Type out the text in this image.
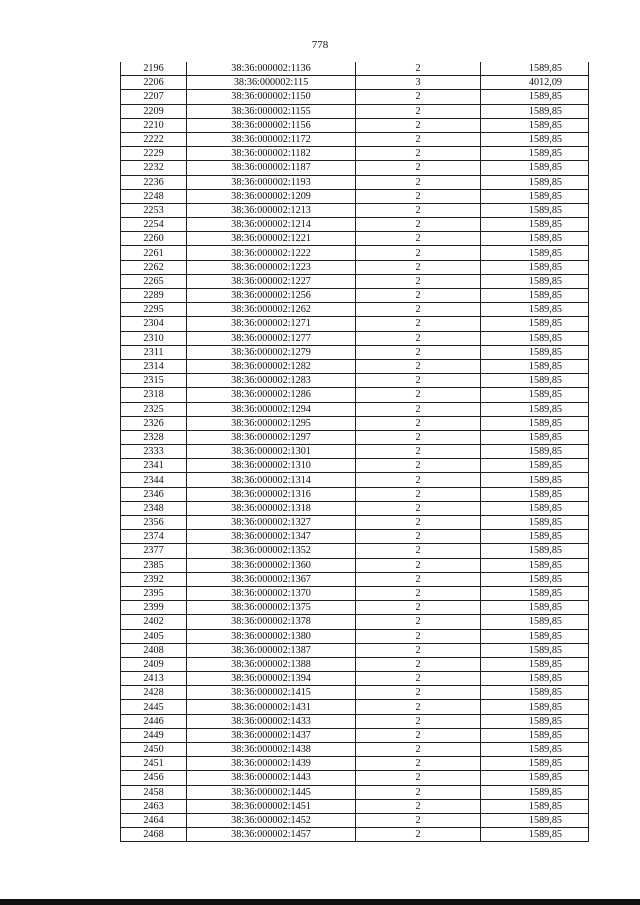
778
2196	38:36:000002:1136	2	1589,85
2206	38:36:000002:115	3	4012,09
2207	38:36:000002:1150	2	1589,85
2209	38:36:000002:1155	2	1589,85
2210	38:36:000002:1156	2	1589,85
2222	38:36:000002:1172	2	1589,85
2229	38:36:000002:1182	2	1589,85
2232	38:36:000002:1187	2	1589,85
2236	38:36:000002:1193	2	1589,85
2248	38:36:000002:1209	2	1589,85
2253	38:36:000002:1213	2	1589,85
2254	38:36:000002:1214	2	1589,85
2260	38:36:000002:1221	2	1589,85
2261	38:36:000002:1222	2	1589,85
2262	38:36:000002:1223	2	1589,85
2265	38:36:000002:1227	2	1589,85
2289	38:36:000002:1256	2	1589,85
2295	38:36:000002:1262	2	1589,85
2304	38:36:000002:1271	2	1589,85
2310	38:36:000002:1277	2	1589,85
2311	38:36:000002:1279	2	1589,85
2314	38:36:000002:1282	2	1589,85
2315	38:36:000002:1283	2	1589,85
2318	38:36:000002:1286	2	1589,85
2325	38:36:000002:1294	2	1589,85
2326	38:36:000002:1295	2	1589,85
2328	38:36:000002:1297	2	1589,85
2333	38:36:000002:1301	2	1589,85
2341	38:36:000002:1310	2	1589,85
2344	38:36:000002:1314	2	1589,85
2346	38:36:000002:1316	2	1589,85
2348	38:36:000002:1318	2	1589,85
2356	38:36:000002:1327	2	1589,85
2374	38:36:000002:1347	2	1589,85
2377	38:36:000002:1352	2	1589,85
2385	38:36:000002:1360	2	1589,85
2392	38:36:000002:1367	2	1589,85
2395	38:36:000002:1370	2	1589,85
2399	38:36:000002:1375	2	1589,85
2402	38:36:000002:1378	2	1589,85
2405	38:36:000002:1380	2	1589,85
2408	38:36:000002:1387	2	1589,85
2409	38:36:000002:1388	2	1589,85
2413	38:36:000002:1394	2	1589,85
2428	38:36:000002:1415	2	1589,85
2445	38:36:000002:1431	2	1589,85
2446	38:36:000002:1433	2	1589,85
2449	38:36:000002:1437	2	1589,85
2450	38:36:000002:1438	2	1589,85
2451	38:36:000002:1439	2	1589,85
2456	38:36:000002:1443	2	1589,85
2458	38:36:000002:1445	2	1589,85
2463	38:36:000002:1451	2	1589,85
2464	38:36:000002:1452	2	1589,85
2468	38:36:000002:1457	2	1589,85
